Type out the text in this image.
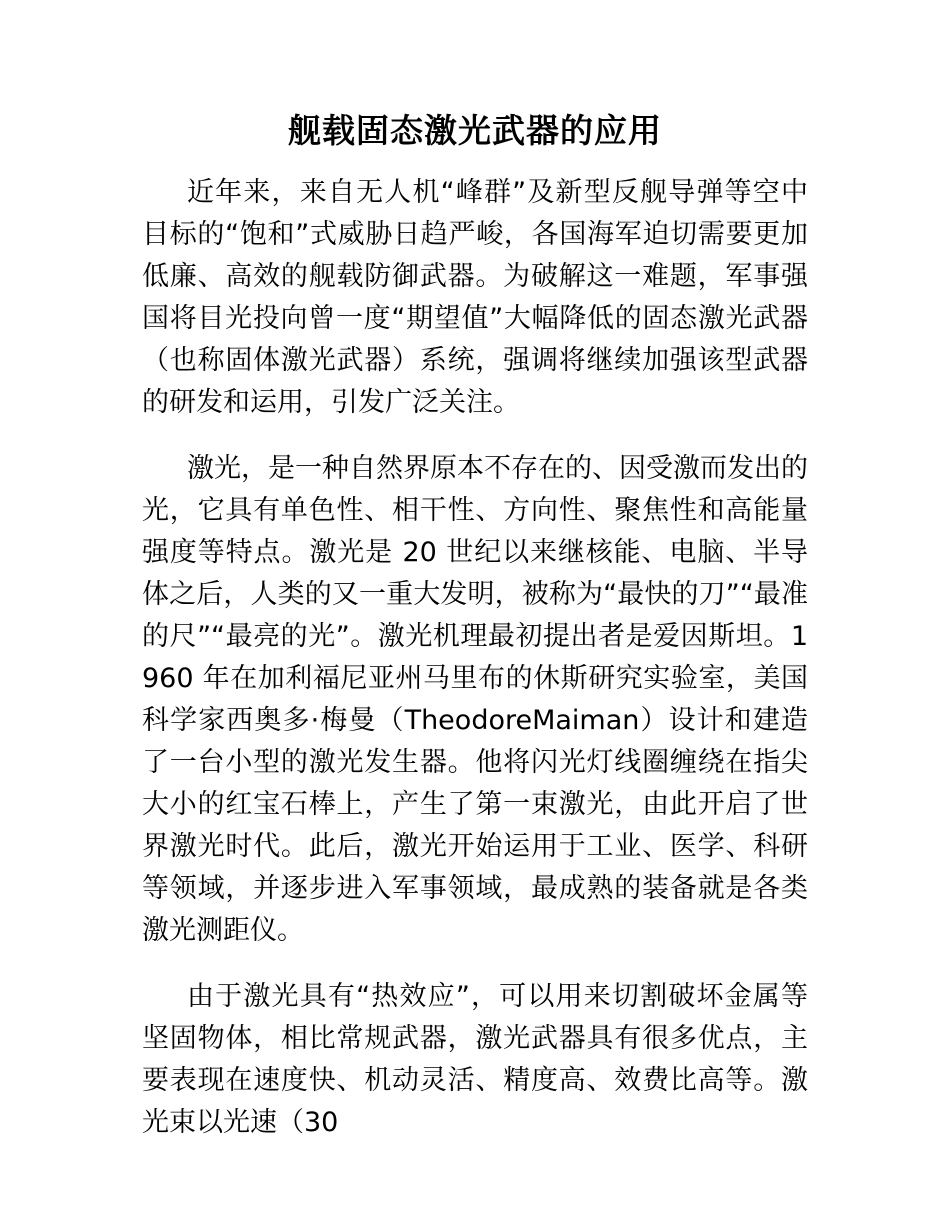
舰载固态激光武器的应用

近年来，来自无人机“峰群”及新型反舰导弹等空中目标的“饱和”式威胁日趋严峻，各国海军迫切需要更加低廉、高效的舰载防御武器。为破解这一难题，军事强国将目光投向曾一度“期望值”大幅降低的固态激光武器（也称固体激光武器）系统，强调将继续加强该型武器的研发和运用，引发广泛关注。

激光，是一种自然界原本不存在的、因受激而发出的光，它具有单色性、相干性、方向性、聚焦性和高能量强度等特点。激光是 20 世纪以来继核能、电脑、半导体之后，人类的又一重大发明，被称为“最快的刀”“最准的尺”“最亮的光”。激光机理最初提出者是爱因斯坦。1960 年在加利福尼亚州马里布的休斯研究实验室，美国科学家西奥多·梅曼（TheodoreMaiman）设计和建造了一台小型的激光发生器。他将闪光灯线圈缠绕在指尖大小的红宝石棒上，产生了第一束激光，由此开启了世界激光时代。此后，激光开始运用于工业、医学、科研等领域，并逐步进入军事领域，最成熟的装备就是各类激光测距仪。

由于激光具有“热效应”，可以用来切割破坏金属等坚固物体，相比常规武器，激光武器具有很多优点，主要表现在速度快、机动灵活、精度高、效费比高等。激光束以光速（30
